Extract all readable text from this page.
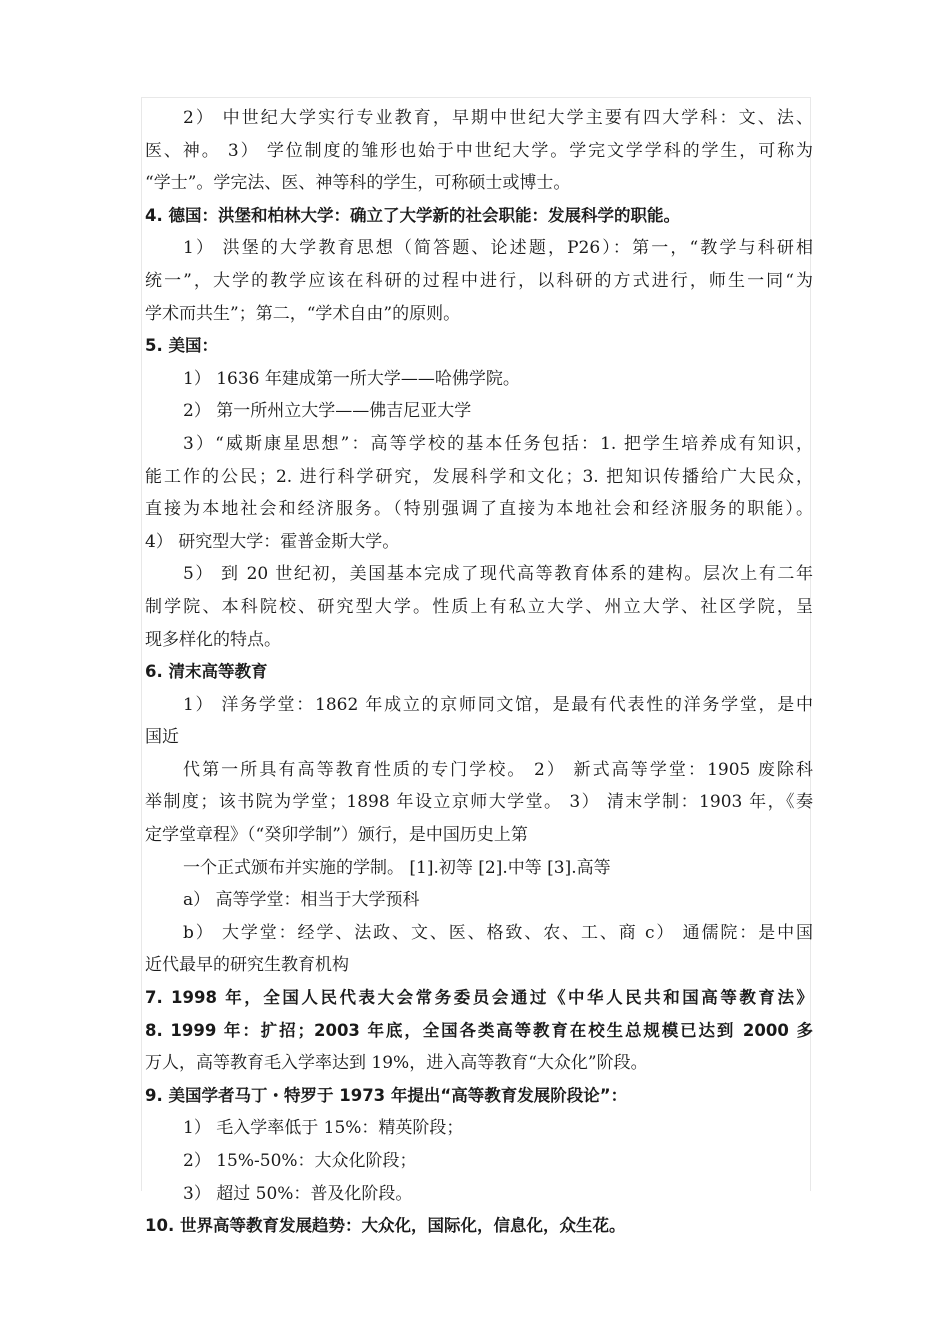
2） 中世纪大学实行专业教育，早期中世纪大学主要有四大学科：文、法、
医、神。 3） 学位制度的雏形也始于中世纪大学。学完文学学科的学生，可称为
“学士”。学完法、医、神等科的学生，可称硕士或博士。
4. 德国：洪堡和柏林大学：确立了大学新的社会职能：发展科学的职能。
1） 洪堡的大学教育思想（简答题、论述题，P26）：第一，“教学与科研相
统一”，大学的教学应该在科研的过程中进行，以科研的方式进行，师生一同“为
学术而共生”；第二，“学术自由”的原则。
5. 美国：
1） 1636 年建成第一所大学——哈佛学院。
2） 第一所州立大学——佛吉尼亚大学
3）“威斯康星思想”：高等学校的基本任务包括：1. 把学生培养成有知识，
能工作的公民；2. 进行科学研究，发展科学和文化；3. 把知识传播给广大民众，
直接为本地社会和经济服务。（特别强调了直接为本地社会和经济服务的职能）。
4） 研究型大学：霍普金斯大学。
5） 到 20 世纪初，美国基本完成了现代高等教育体系的建构。层次上有二年
制学院、本科院校、研究型大学。性质上有私立大学、州立大学、社区学院，呈
现多样化的特点。
6. 清末高等教育
1） 洋务学堂：1862 年成立的京师同文馆，是最有代表性的洋务学堂，是中
国近
代第一所具有高等教育性质的专门学校。 2） 新式高等学堂：1905 废除科
举制度；该书院为学堂；1898 年设立京师大学堂。 3） 清末学制：1903 年，《奏
定学堂章程》（“癸卯学制”）颁行，是中国历史上第
一个正式颁布并实施的学制。 [1].初等 [2].中等 [3].高等
a） 高等学堂：相当于大学预科
b） 大学堂：经学、法政、文、医、格致、农、工、商 c） 通儒院：是中国
近代最早的研究生教育机构
7. 1998 年，全国人民代表大会常务委员会通过《中华人民共和国高等教育法》
8. 1999 年：扩招；2003 年底，全国各类高等教育在校生总规模已达到 2000 多
万人，高等教育毛入学率达到 19%，进入高等教育“大众化”阶段。
9. 美国学者马丁・特罗于 1973 年提出“高等教育发展阶段论”：
1） 毛入学率低于 15%：精英阶段；
2） 15%-50%：大众化阶段；
3） 超过 50%：普及化阶段。
10. 世界高等教育发展趋势：大众化，国际化，信息化，众生花。
